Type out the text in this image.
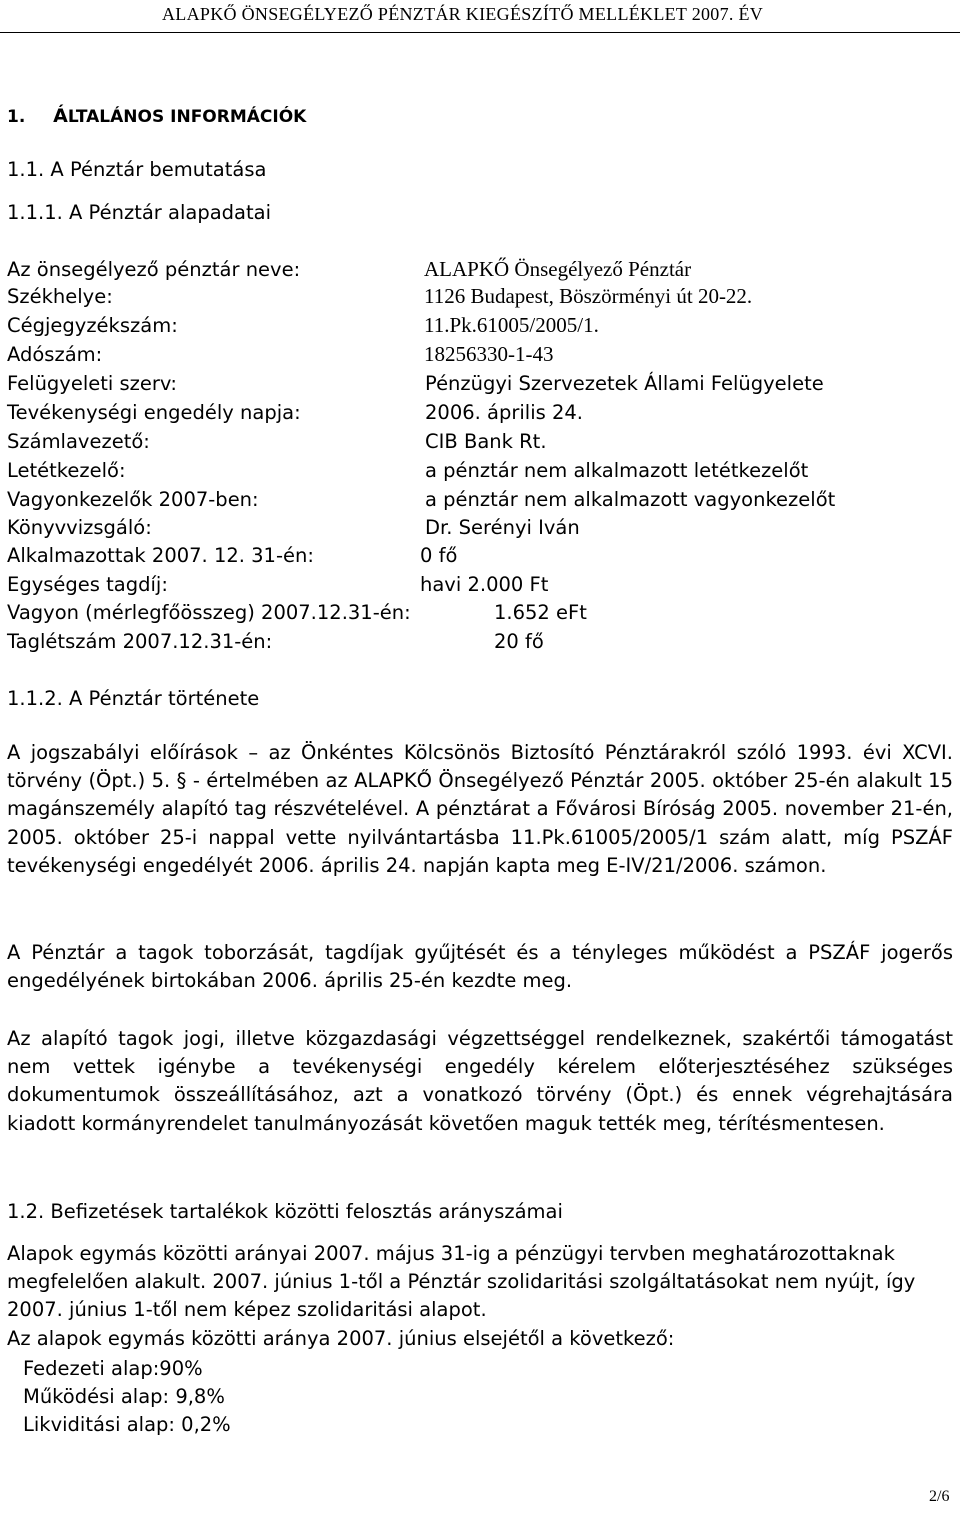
ALAPKŐ ÖNSEGÉLYEZŐ PÉNZTÁR KIEGÉSZÍTŐ MELLÉKLET 2007. ÉV
1. ÁLTALÁNOS INFORMÁCIÓK
1.1. A Pénztár bemutatása
1.1.1. A Pénztár alapadatai
Az önsegélyező pénztár neve:	ALAPKŐ Önsegélyező Pénztár
Székhelye:	1126 Budapest, Böszörményi út 20-22.
Cégjegyzékszám:	11.Pk.61005/2005/1.
Adószám:	18256330-1-43
Felügyeleti szerv:	Pénzügyi Szervezetek Állami Felügyelete
Tevékenységi engedély napja:	2006. április 24.
Számlavezető:	CIB Bank Rt.
Letétkezelő:	a pénztár nem alkalmazott letétkezelőt
Vagyonkezelők 2007-ben:	a pénztár nem alkalmazott vagyonkezelőt
Könyvvizsgáló:	Dr. Serényi Iván
Alkalmazottak 2007. 12. 31-én:	0 fő
Egységes tagdíj:	havi 2.000 Ft
Vagyon (mérlegfőösszeg) 2007.12.31-én:	1.652 eFt
Taglétszám 2007.12.31-én:	20 fő
1.1.2. A Pénztár története
A jogszabályi előírások – az Önkéntes Kölcsönös Biztosító Pénztárakról szóló 1993. évi XCVI. törvény (Öpt.) 5. § - értelmében az ALAPKŐ Önsegélyező Pénztár 2005. október 25-én alakult 15 magánszemély alapító tag részvételével. A pénztárat a Fővárosi Bíróság 2005. november 21-én, 2005. október 25-i nappal vette nyilvántartásba 11.Pk.61005/2005/1 szám alatt, míg PSZÁF tevékenységi engedélyét 2006. április 24. napján kapta meg E-IV/21/2006. számon.
A Pénztár a tagok toborzását, tagdíjak gyűjtését és a tényleges működést a PSZÁF jogerős engedélyének birtokában 2006. április 25-én kezdte meg.
Az alapító tagok jogi, illetve közgazdasági végzettséggel rendelkeznek, szakértői támogatást nem vettek igénybe a tevékenységi engedély kérelem előterjesztéséhez szükséges dokumentumok összeállításához, azt a vonatkozó törvény (Öpt.) és ennek végrehajtására kiadott kormányrendelet tanulmányozását követően maguk tették meg, térítésmentesen.
1.2. Befizetések tartalékok közötti felosztás arányszámai
Alapok egymás közötti arányai 2007. május 31-ig a pénzügyi tervben meghatározottaknak megfelelően alakult. 2007. június 1-től a Pénztár szolidaritási szolgáltatásokat nem nyújt, így 2007. június 1-től nem képez szolidaritási alapot.
Az alapok egymás közötti aránya 2007. június elsejétől a következő:
Fedezeti alap:90%
Működési alap: 9,8%
Likviditási alap: 0,2%
2/6
